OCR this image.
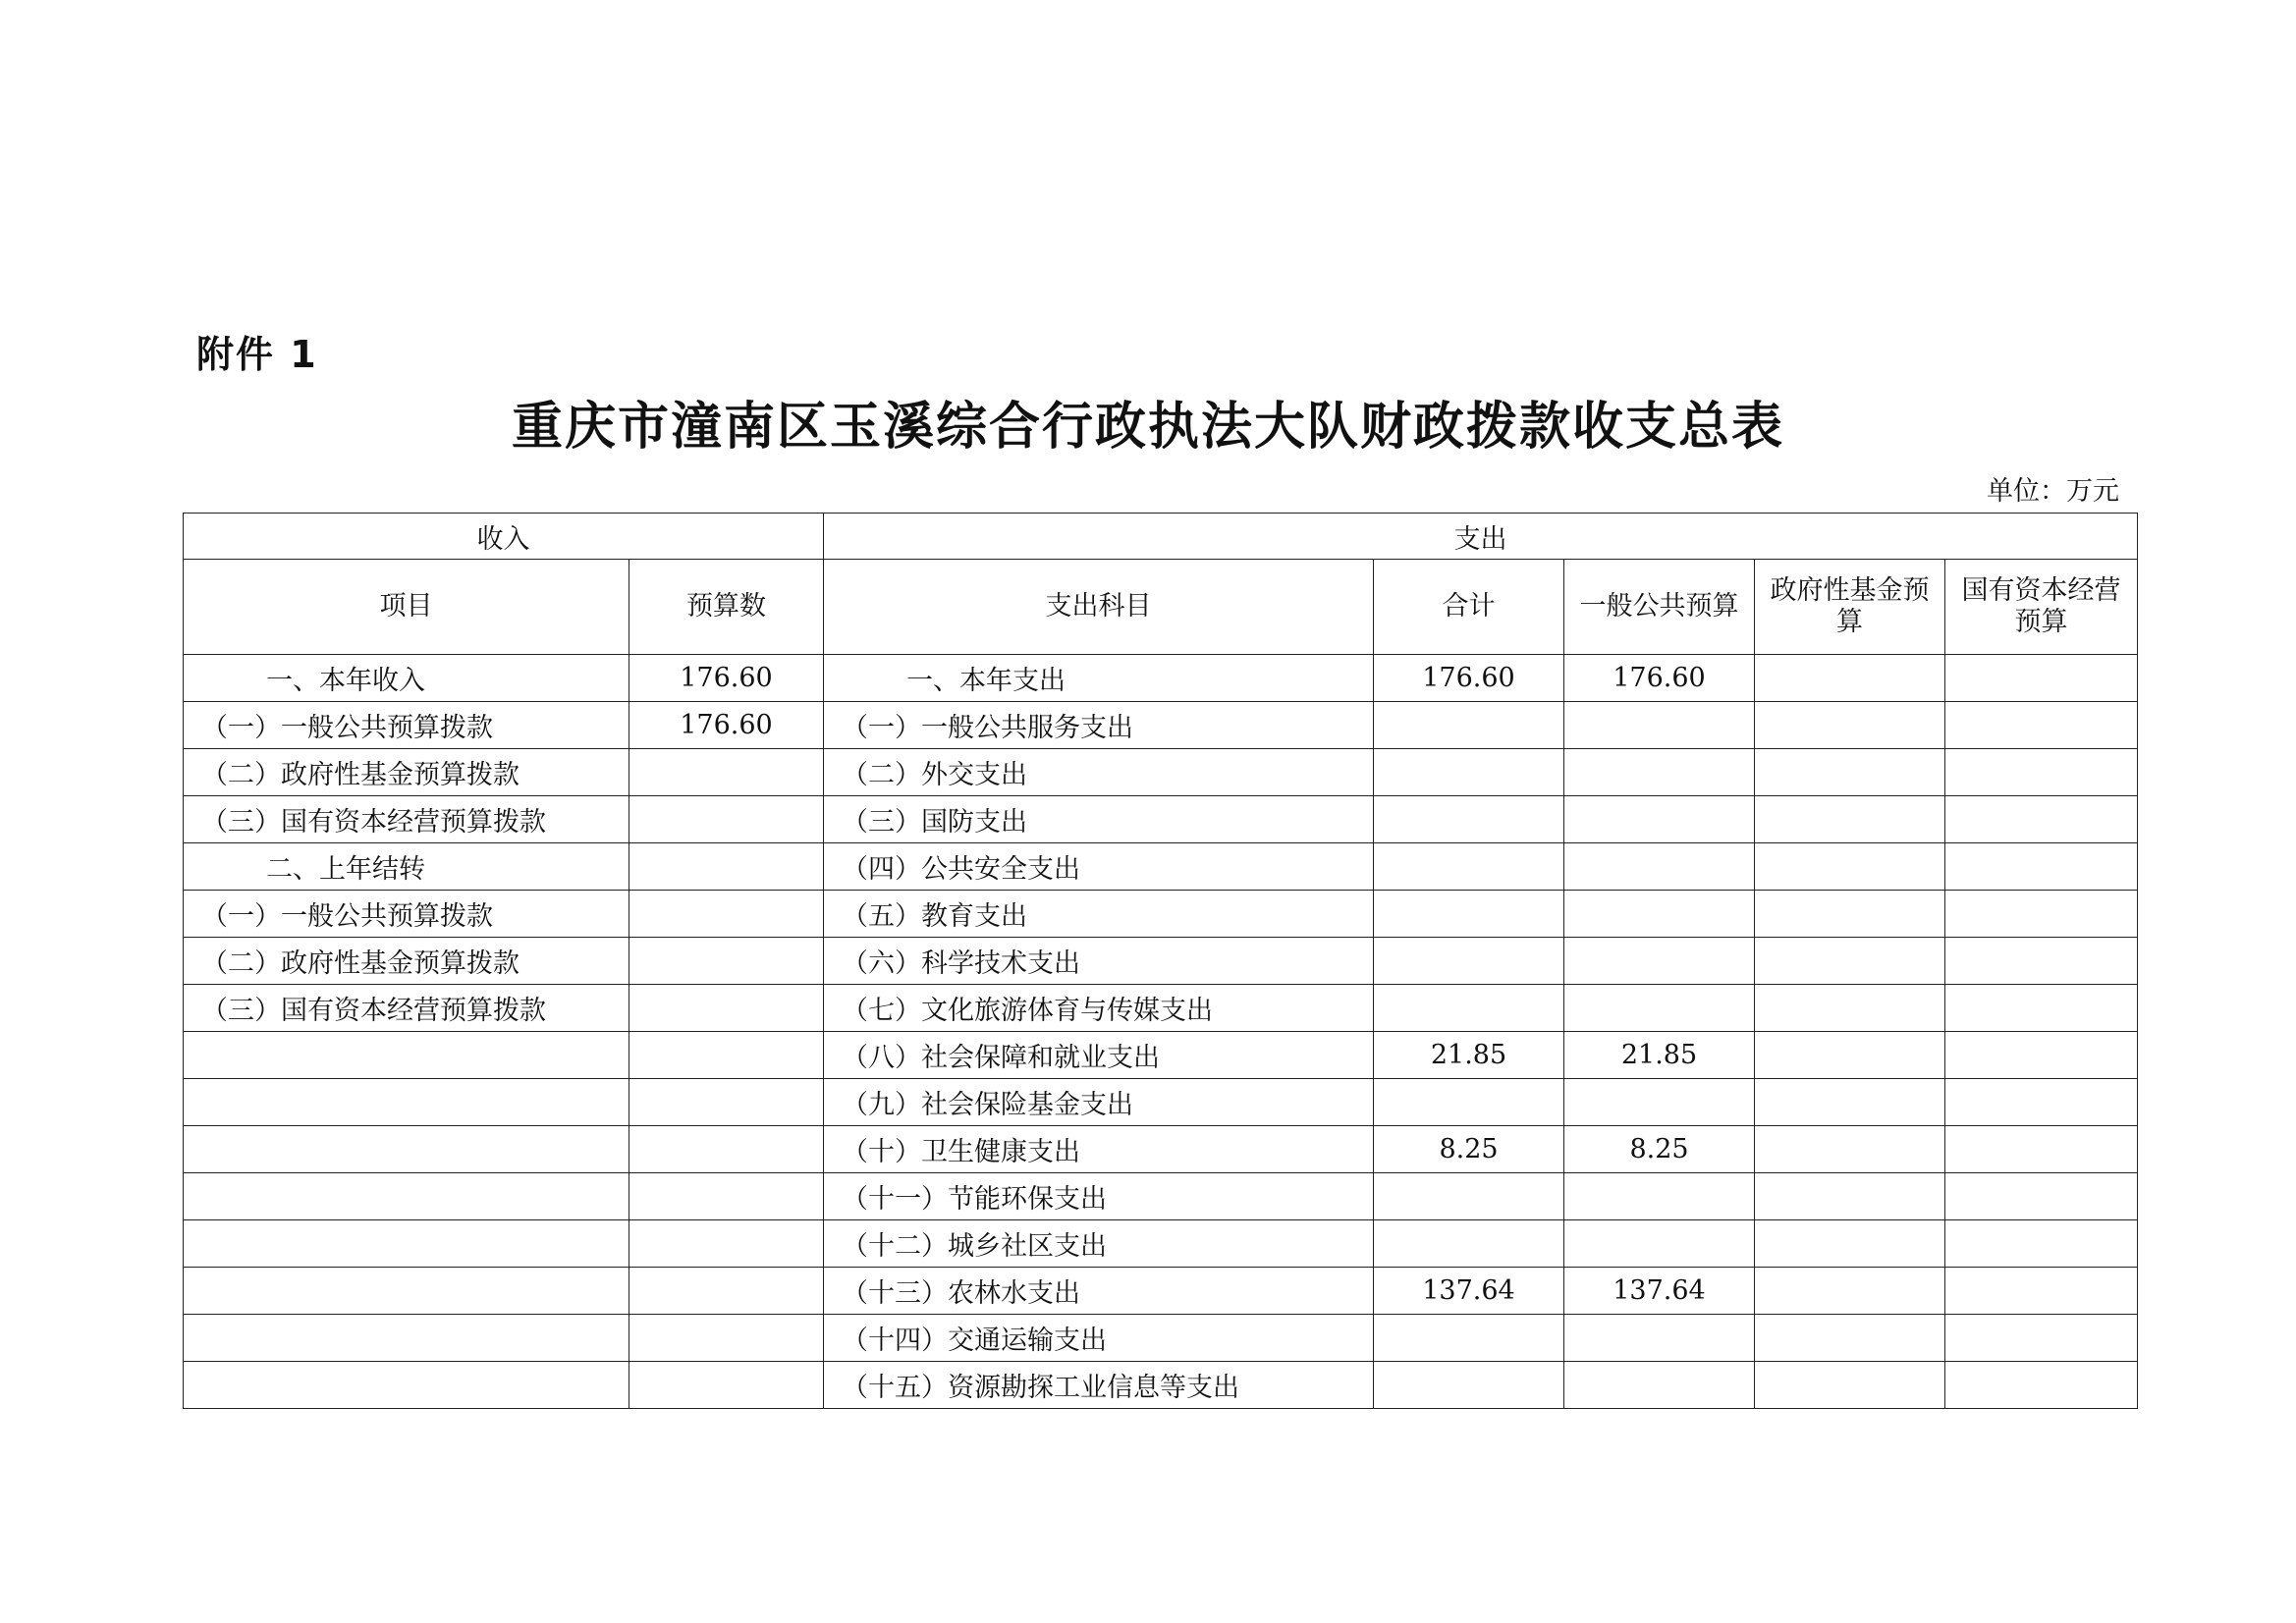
附件 1
重庆市潼南区玉溪综合行政执法大队财政拨款收支总表
单位：万元
收入		支出				
项目	预算数	支出科目	合计	一般公共预算	政府性基金预算	国有资本经营预算
一、本年收入	176.60	一、本年支出	176.60	176.60		
（一）一般公共预算拨款	176.60	（一）一般公共服务支出				
（二）政府性基金预算拨款		（二）外交支出				
（三）国有资本经营预算拨款		（三）国防支出				
二、上年结转		（四）公共安全支出				
（一）一般公共预算拨款		（五）教育支出				
（二）政府性基金预算拨款		（六）科学技术支出				
（三）国有资本经营预算拨款		（七）文化旅游体育与传媒支出				
		（八）社会保障和就业支出	21.85	21.85		
		（九）社会保险基金支出				
		（十）卫生健康支出	8.25	8.25		
		（十一）节能环保支出				
		（十二）城乡社区支出				
		（十三）农林水支出	137.64	137.64		
		（十四）交通运输支出				
		（十五）资源勘探工业信息等支出				
